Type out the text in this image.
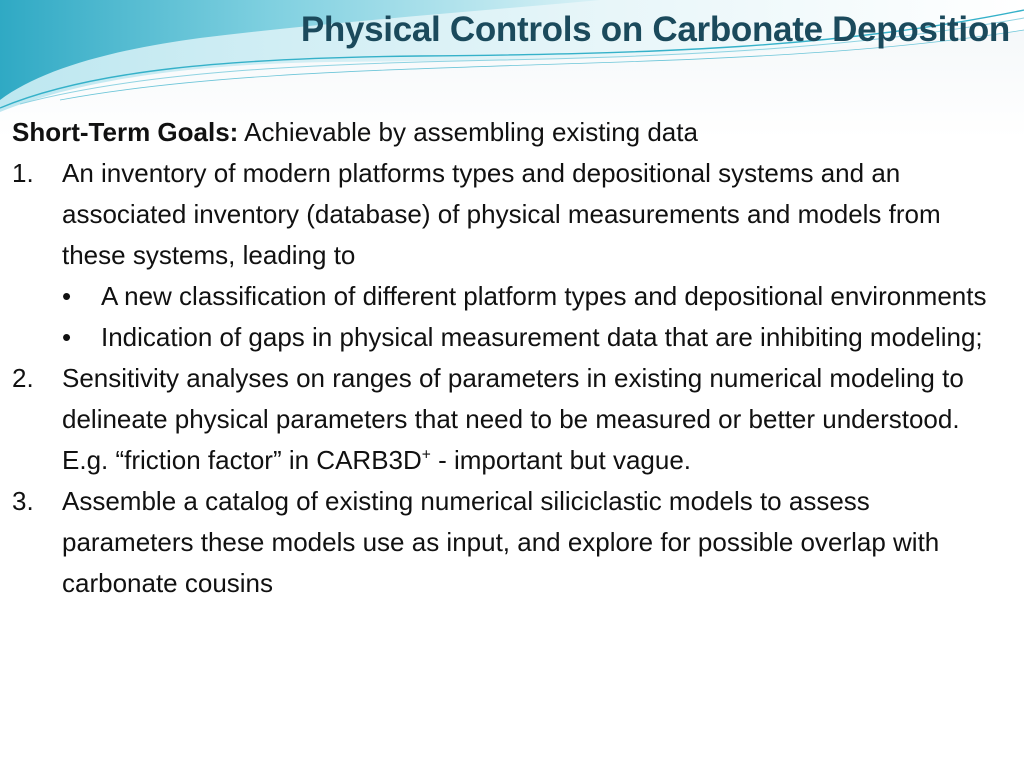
Physical Controls on Carbonate Deposition

Short-Term Goals: Achievable by assembling existing data

1. An inventory of modern platforms types and depositional systems and an associated inventory (database) of physical measurements and models from these systems, leading to
• A new classification of different platform types and depositional environments
• Indication of gaps in physical measurement data that are inhibiting modeling;
2. Sensitivity analyses on ranges of parameters in existing numerical modeling to delineate physical parameters that need to be measured or better understood. E.g. “friction factor” in CARB3D+ - important but vague.
3. Assemble a catalog of existing numerical siliciclastic models to assess parameters these models use as input, and explore for possible overlap with carbonate cousins
